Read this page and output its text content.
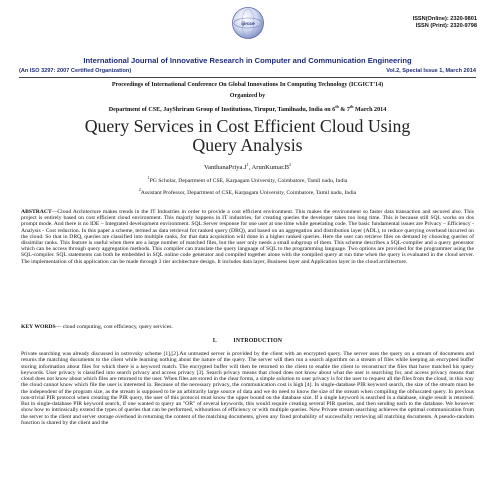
ijircce
ISSN(Online): 2320-9801
ISSN (Print): 2320-9798
International Journal of Innovative Research in Computer and Communication Engineering
(An ISO 3297: 2007 Certified Organization)	Vol.2, Special Issue 1, March 2014
Proceedings of International Conference On Global Innovations In Computing Technology (ICGICT'14)
Organized by
Department of CSE, JayShriram Group of Institutions, Tirupur, Tamilnadu, India on 6th & 7th March 2014
Query Services in Cost Efficient Cloud Using
Query Analysis
$VanthanaPriya.J^1$, $ArunKumar.B^2$
$^1$PG Scholar, Department of CSE, Karpagam University, Coimbatore, Tamil nadu, India
$^2$Assistant Professor, Department of CSE, Karpagam University, Coimbatore, Tamil nadu, India
ABSTRACT—Cloud Architecture makes trends in the IT Industries in order to provide a cost efficient environment. This makes the environment so faster data transaction and secured also. This project is entirely based on cost efficient cloud environment. This majorly happens in IT industries, for creating queries the developer takes too long time. This is because still SQL works on dos prompt mode. And there is no IDE – Integrated development environment. SQL Server response for one user at one time while generating code. The basic fundamental issues are Privacy – Efficiency - Analysis - Cost reduction. In this paper a scheme, termed as data retrieval for ranked query (DRQ), and based on an aggregation and distribution layer (ADL), to reduce querying overhead incurred on the cloud. So that in DRQ, queries are classified into multiple ranks, for that data acquisition will done in a higher ranked queries. Here the user can retrieve files on demand by choosing queries of dissimilar ranks. This feature is useful when there are a large number of matched files, but the user only needs a small subgroup of them. This scheme describes a SQL-compiler and a query generator which can be access through query aggregation methods. This compiler can translate the query language of SQL to the programming language. Two options are provided for the programmer using the SQL-compiler. SQL statements can both be embedded in SQL online code generator and compiled together alone with the compiled query at run time when the query is evaluated in the cloud server. The implementation of this application can be made through 3 tier architecture design. It includes data layer, Business layer and Application layer in the cloud architecture.
KEY WORDS— cloud computing, cost efficiency, query services.
I.	INTRODUCTION
Private searching was already discussed in ostrovsky scheme [1],[2].An untrusted server is provided by the client with an encrypted query. The server uses the query on a stream of documents and returns the matching documents to the client while learning nothing about the nature of the query. The server will then run a search algorithm on a stream of files while keeping an encrypted buffer storing information about files for which there is a keyword match. The encrypted buffer will then be returned to the client to enable the client to reconstruct the files that have matched his query keywords. User privacy is classified into search privacy and access privacy [3]. Search privacy means that cloud does not know about what the user is searching for, and access privacy means that cloud does not know about which files are returned to the user. When files are stored in the clear forms, a simple solution to user privacy is for the user to request all the files from the cloud, in this way the cloud cannot know which file the user is interested in. Because of the necessary privacy, the communication cost is high [4]. In single-database PIR keyword search, the size of the stream must be the independent of the program size, as the stream is supposed to be an arbitrarily large source of data and we do need to know the size of the stream when compiling the obfuscated query. In previous non-trivial PIR protocol when creating the PIR query, the user of this protocol must know the upper bound on the database size. If a single keyword is searched in a database, single result is returned. But in single-database PIR keyword search, if one wanted to query an "OR" of several keywords, this would require creating several PIR queries, and then sending each to the database. We however show how to intrinsically extend the types of queries that can be performed, withoutloss of efficiency or with multiple queries. New Private stream searching achieves the optimal communication from the server to the client and server storage overhead in returning the content of the matching documents, given any fixed probability of successfully retrieving all matching documents. A pseudo-random function is shared by the client and the
